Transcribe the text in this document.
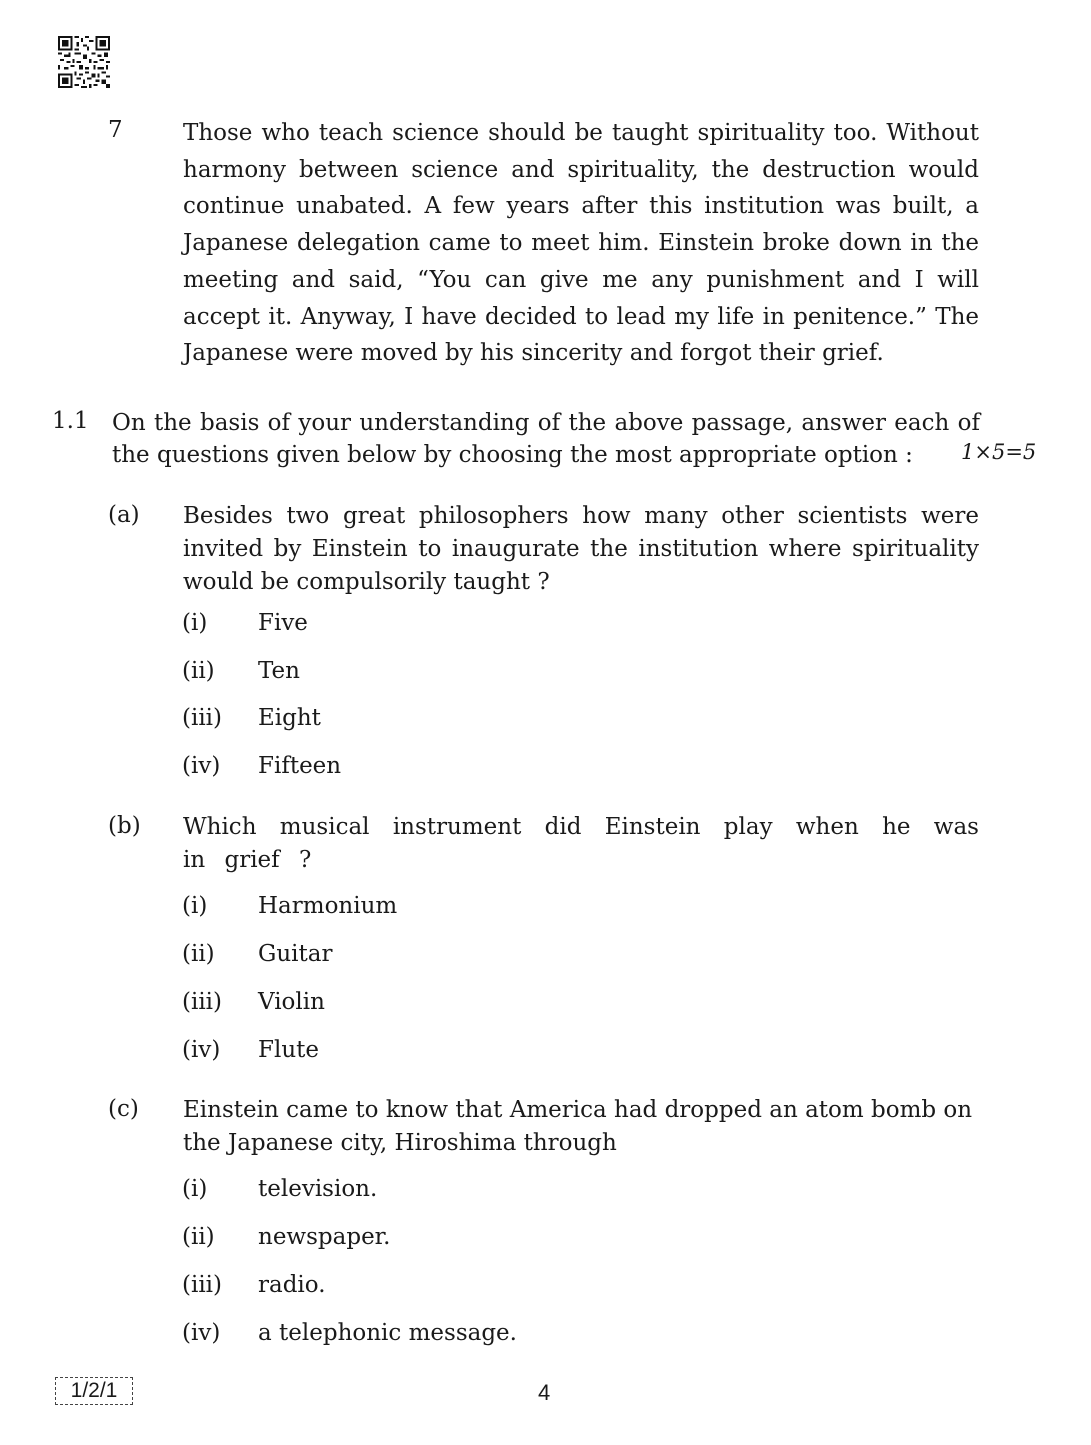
7	Those who teach science should be taught spirituality too. Without harmony between science and spirituality, the destruction would continue unabated. A few years after this institution was built, a Japanese delegation came to meet him. Einstein broke down in the meeting and said, “You can give me any punishment and I will accept it. Anyway, I have decided to lead my life in penitence.” The Japanese were moved by his sincerity and forgot their grief.
1.1 On the basis of your understanding of the above passage, answer each of the questions given below by choosing the most appropriate option :	1×5=5
(a) Besides two great philosophers how many other scientists were invited by Einstein to inaugurate the institution where spirituality would be compulsorily taught ?
(i) Five
(ii) Ten
(iii) Eight
(iv) Fifteen
(b) Which musical instrument did Einstein play when he was in grief ?
(i) Harmonium
(ii) Guitar
(iii) Violin
(iv) Flute
(c) Einstein came to know that America had dropped an atom bomb on the Japanese city, Hiroshima through
(i) television.
(ii) newspaper.
(iii) radio.
(iv) a telephonic message.
1/2/1	4
